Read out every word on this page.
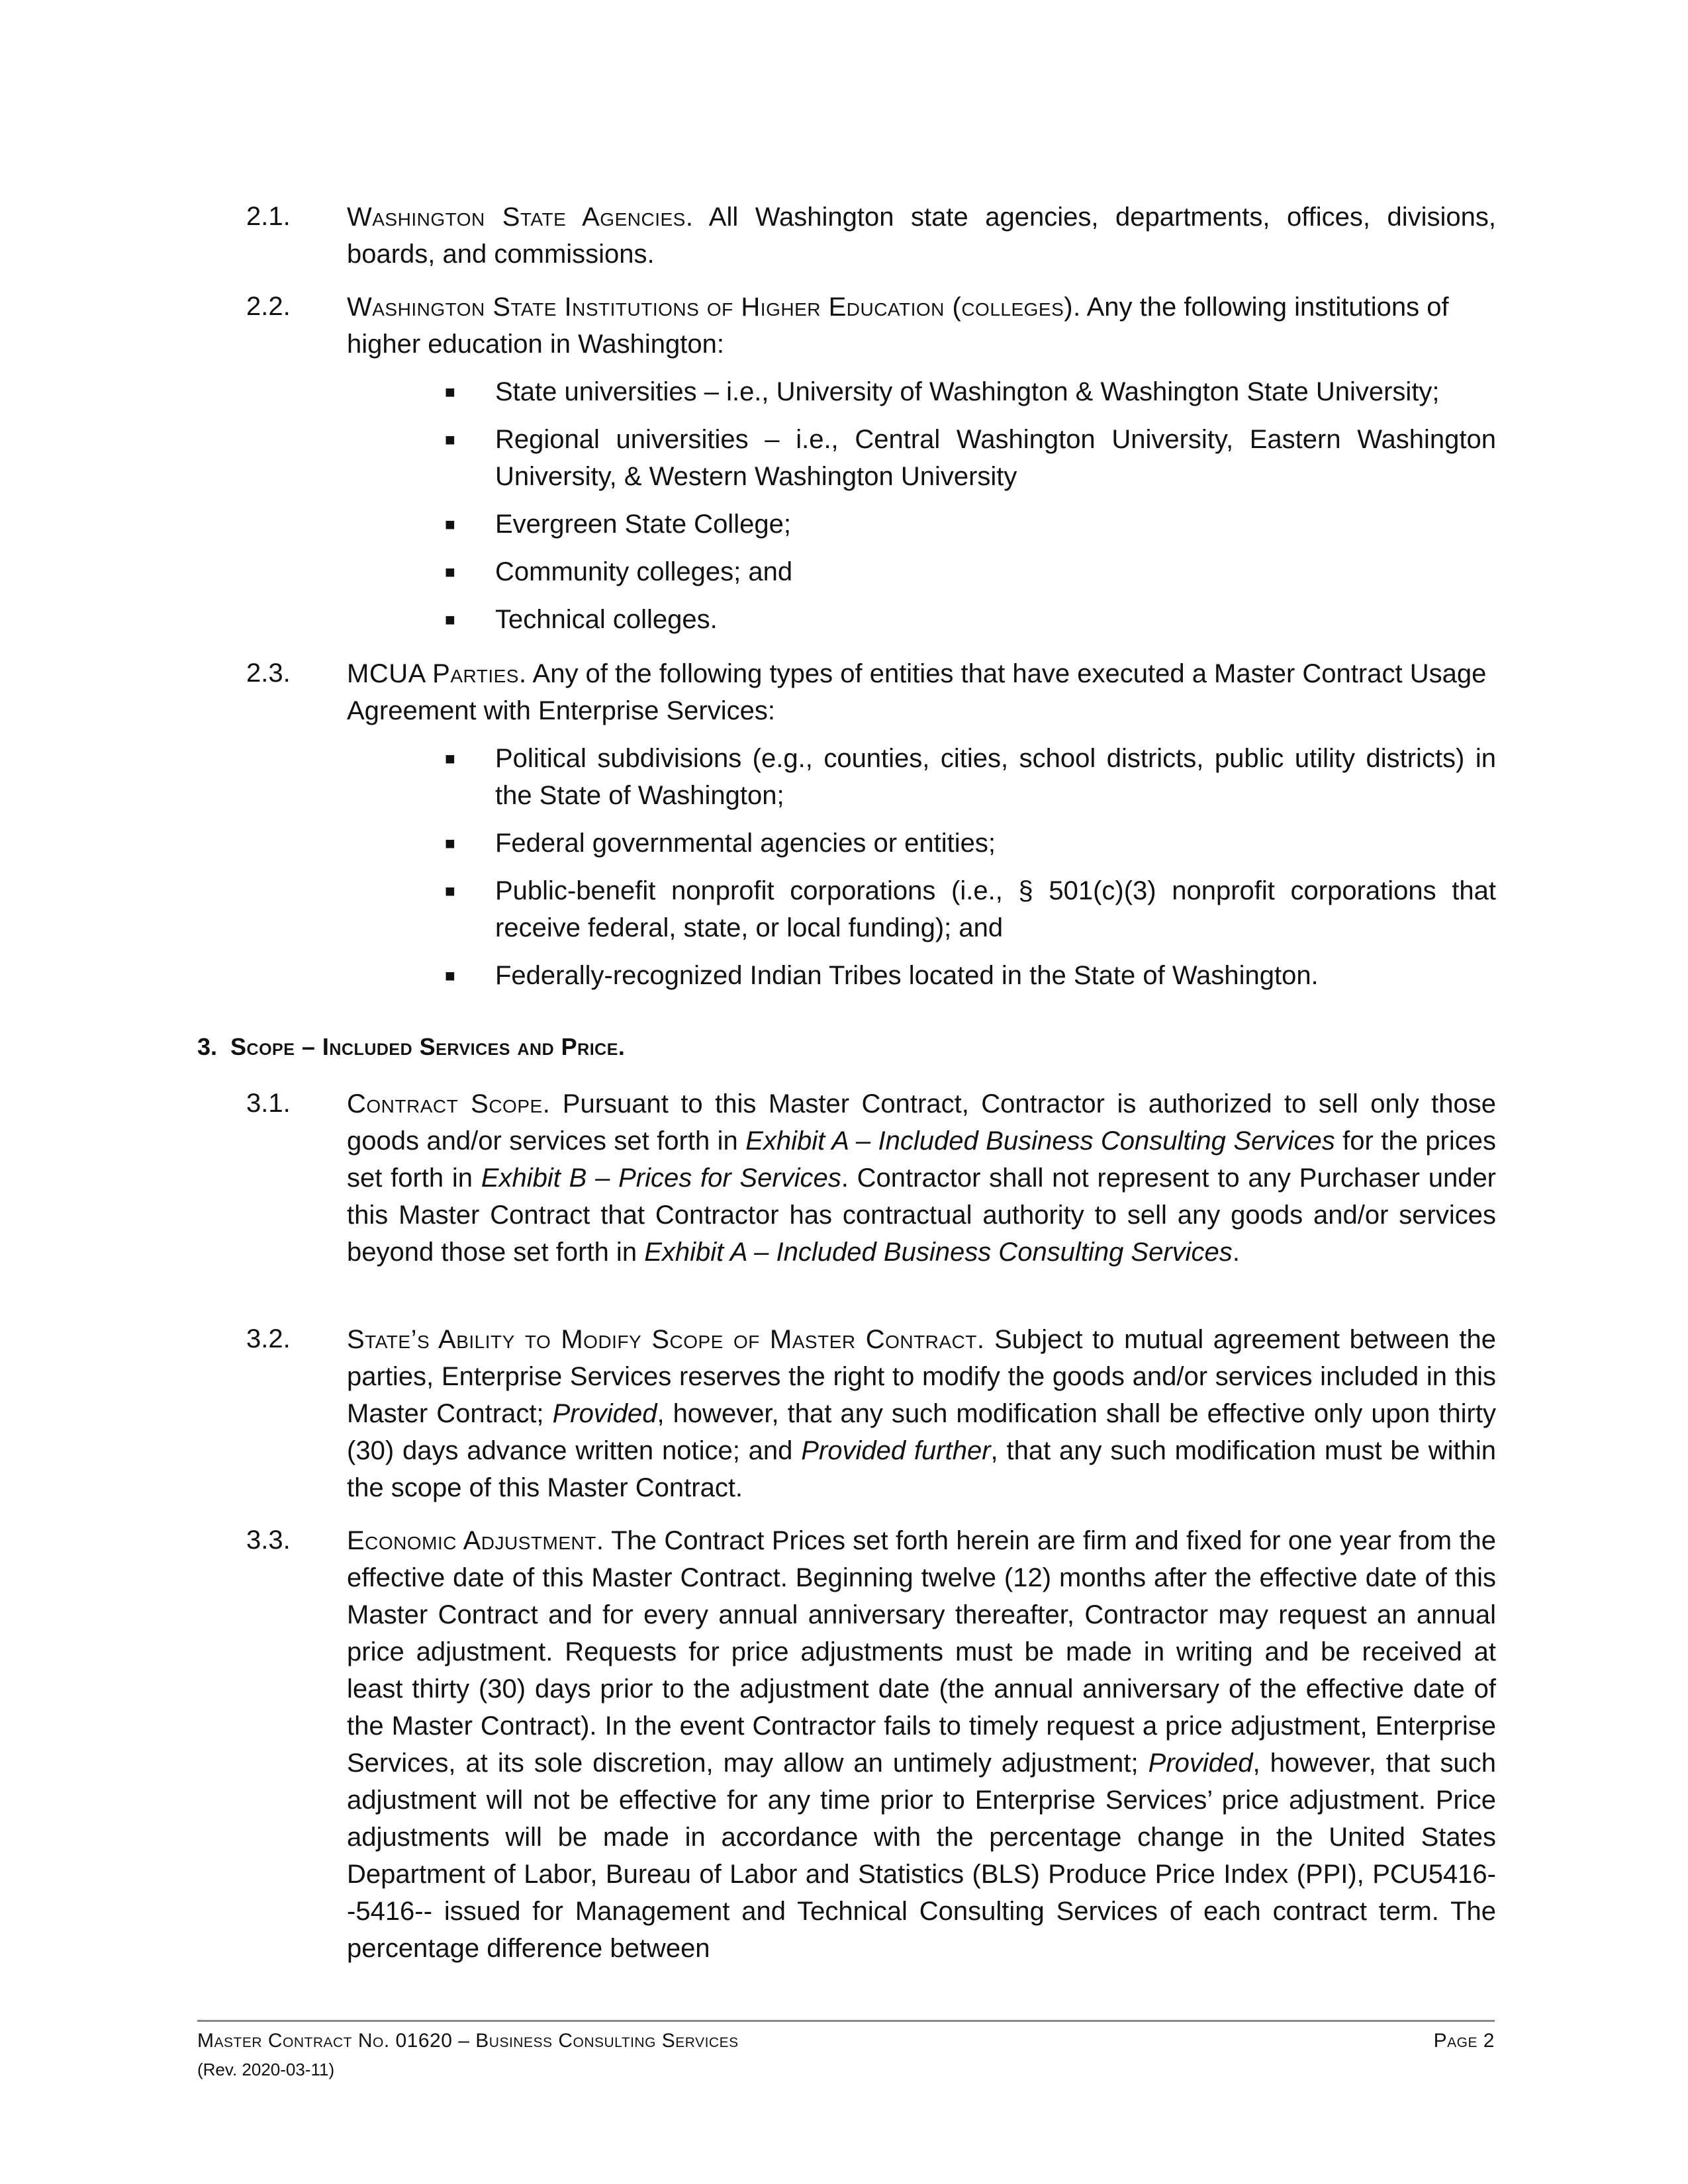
2.1. Washington State Agencies. All Washington state agencies, departments, offices, divisions, boards, and commissions.
2.2. Washington State Institutions of Higher Education (colleges). Any the following institutions of higher education in Washington:
■ State universities – i.e., University of Washington & Washington State University;
■ Regional universities – i.e., Central Washington University, Eastern Washington University, & Western Washington University
■ Evergreen State College;
■ Community colleges; and
■ Technical colleges.
2.3. MCUA Parties. Any of the following types of entities that have executed a Master Contract Usage Agreement with Enterprise Services:
■ Political subdivisions (e.g., counties, cities, school districts, public utility districts) in the State of Washington;
■ Federal governmental agencies or entities;
■ Public-benefit nonprofit corporations (i.e., § 501(c)(3) nonprofit corporations that receive federal, state, or local funding); and
■ Federally-recognized Indian Tribes located in the State of Washington.
3. Scope – Included Services and Price.
3.1. Contract Scope. Pursuant to this Master Contract, Contractor is authorized to sell only those goods and/or services set forth in Exhibit A – Included Business Consulting Services for the prices set forth in Exhibit B – Prices for Services. Contractor shall not represent to any Purchaser under this Master Contract that Contractor has contractual authority to sell any goods and/or services beyond those set forth in Exhibit A – Included Business Consulting Services.
3.2. State’s Ability to Modify Scope of Master Contract. Subject to mutual agreement between the parties, Enterprise Services reserves the right to modify the goods and/or services included in this Master Contract; Provided, however, that any such modification shall be effective only upon thirty (30) days advance written notice; and Provided further, that any such modification must be within the scope of this Master Contract.
3.3. Economic Adjustment. The Contract Prices set forth herein are firm and fixed for one year from the effective date of this Master Contract. Beginning twelve (12) months after the effective date of this Master Contract and for every annual anniversary thereafter, Contractor may request an annual price adjustment. Requests for price adjustments must be made in writing and be received at least thirty (30) days prior to the adjustment date (the annual anniversary of the effective date of the Master Contract). In the event Contractor fails to timely request a price adjustment, Enterprise Services, at its sole discretion, may allow an untimely adjustment; Provided, however, that such adjustment will not be effective for any time prior to Enterprise Services’ price adjustment. Price adjustments will be made in accordance with the percentage change in the United States Department of Labor, Bureau of Labor and Statistics (BLS) Produce Price Index (PPI), PCU5416--5416-- issued for Management and Technical Consulting Services of each contract term. The percentage difference between
Master Contract No. 01620 – Business Consulting Services
(Rev. 2020-03-11)
Page 2
